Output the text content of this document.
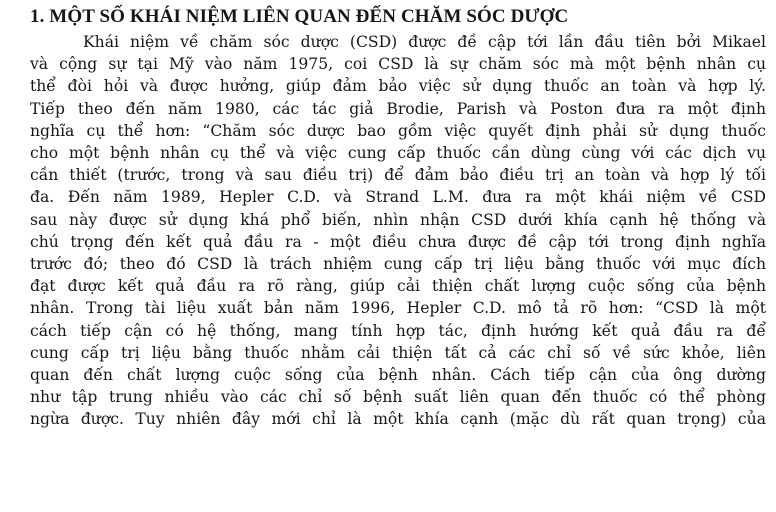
1. MỘT SỐ KHÁI NIỆM LIÊN QUAN ĐẾN CHĂM SÓC DƯỢC
Khái niệm về chăm sóc dược (CSD) được đề cập tới lần đầu tiên bởi Mikael
và cộng sự tại Mỹ vào năm 1975, coi CSD là sự chăm sóc mà một bệnh nhân cụ
thể đòi hỏi và được hưởng, giúp đảm bảo việc sử dụng thuốc an toàn và hợp lý.
Tiếp theo đến năm 1980, các tác giả Brodie, Parish và Poston đưa ra một định
nghĩa cụ thể hơn: “Chăm sóc dược bao gồm việc quyết định phải sử dụng thuốc
cho một bệnh nhân cụ thể và việc cung cấp thuốc cần dùng cùng với các dịch vụ
cần thiết (trước, trong và sau điều trị) để đảm bảo điều trị an toàn và hợp lý tối
đa. Đến năm 1989, Hepler C.D. và Strand L.M. đưa ra một khái niệm về CSD
sau này được sử dụng khá phổ biến, nhìn nhận CSD dưới khía cạnh hệ thống và
chú trọng đến kết quả đầu ra - một điều chưa được đề cập tới trong định nghĩa
trước đó; theo đó CSD là trách nhiệm cung cấp trị liệu bằng thuốc với mục đích
đạt được kết quả đầu ra rõ ràng, giúp cải thiện chất lượng cuộc sống của bệnh
nhân. Trong tài liệu xuất bản năm 1996, Hepler C.D. mô tả rõ hơn: “CSD là một
cách tiếp cận có hệ thống, mang tính hợp tác, định hướng kết quả đầu ra để
cung cấp trị liệu bằng thuốc nhằm cải thiện tất cả các chỉ số về sức khỏe, liên
quan đến chất lượng cuộc sống của bệnh nhân. Cách tiếp cận của ông dường
như tập trung nhiều vào các chỉ số bệnh suất liên quan đến thuốc có thể phòng
ngừa được. Tuy nhiên đây mới chỉ là một khía cạnh (mặc dù rất quan trọng) của
